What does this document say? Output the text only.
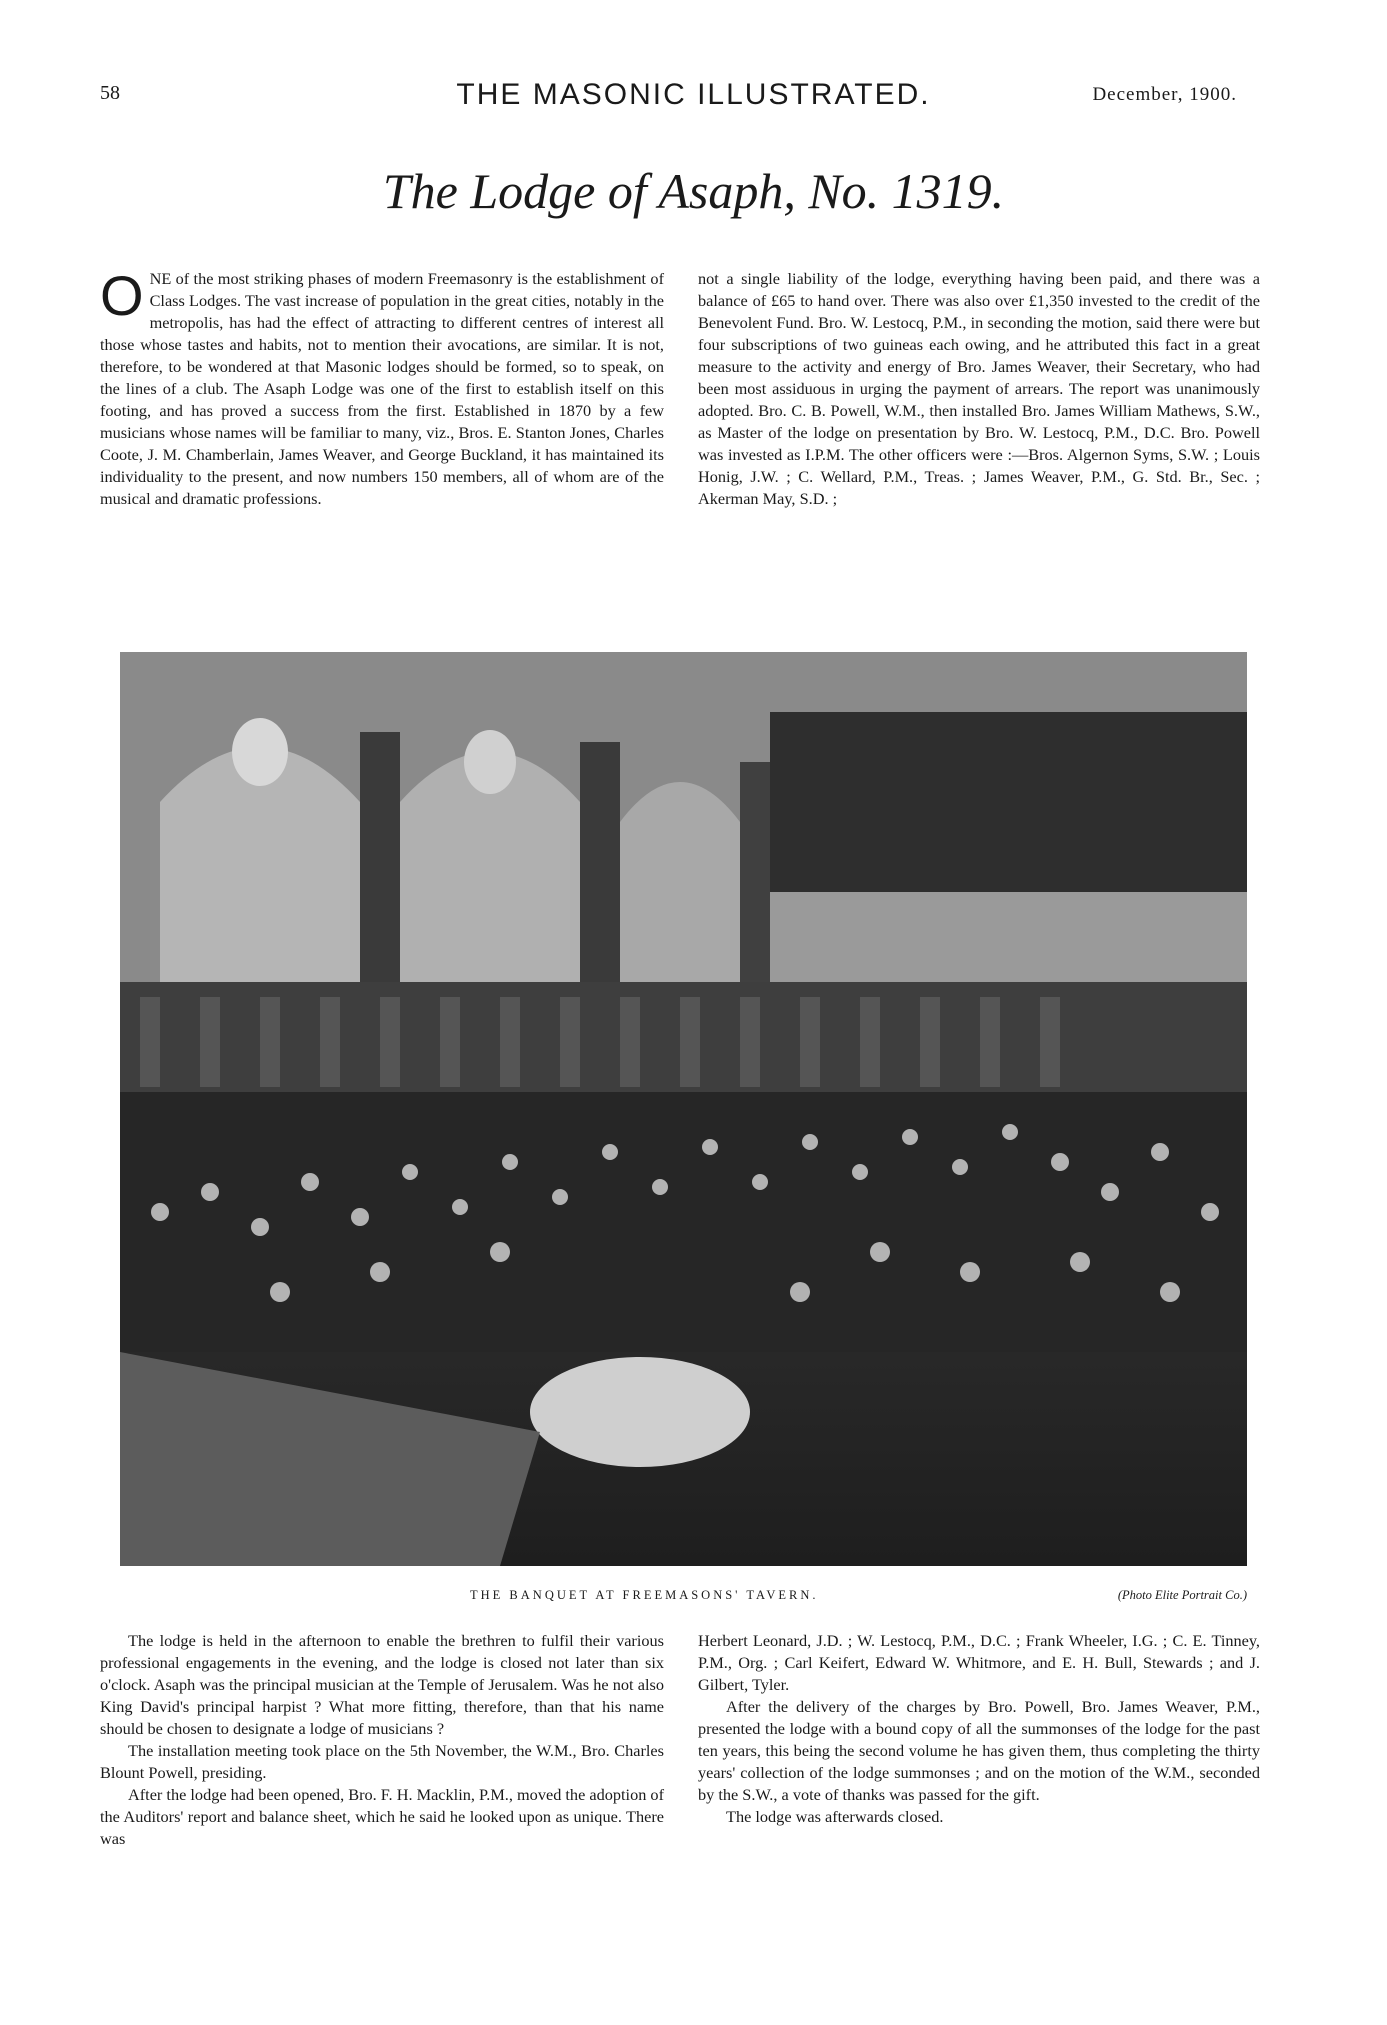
58	THE MASONIC ILLUSTRATED.	December, 1900.
The Lodge of Asaph, No. 1319.

ONE of the most striking phases of modern Freemasonry is the establishment of Class Lodges. The vast increase of population in the great cities, notably in the metropolis, has had the effect of attracting to different centres of interest all those whose tastes and habits, not to mention their avocations, are similar. It is not, therefore, to be wondered at that Masonic lodges should be formed, so to speak, on the lines of a club. The Asaph Lodge was one of the first to establish itself on this footing, and has proved a success from the first. Established in 1870 by a few musicians whose names will be familiar to many, viz., Bros. E. Stanton Jones, Charles Coote, J. M. Chamberlain, James Weaver, and George Buckland, it has maintained its individuality to the present, and now numbers 150 members, all of whom are of the musical and dramatic professions.

not a single liability of the lodge, everything having been paid, and there was a balance of £65 to hand over. There was also over £1,350 invested to the credit of the Benevolent Fund. Bro. W. Lestocq, P.M., in seconding the motion, said there were but four subscriptions of two guineas each owing, and he attributed this fact in a great measure to the activity and energy of Bro. James Weaver, their Secretary, who had been most assiduous in urging the payment of arrears. The report was unanimously adopted. Bro. C. B. Powell, W.M., then installed Bro. James William Mathews, S.W., as Master of the lodge on presentation by Bro. W. Lestocq, P.M., D.C. Bro. Powell was invested as I.P.M. The other officers were :—Bros. Algernon Syms, S.W. ; Louis Honig, J.W. ; C. Wellard, P.M., Treas. ; James Weaver, P.M., G. Std. Br., Sec. ; Akerman May, S.D. ;

THE BANQUET AT FREEMASONS' TAVERN.	(Photo Elite Portrait Co.)

The lodge is held in the afternoon to enable the brethren to fulfil their various professional engagements in the evening, and the lodge is closed not later than six o'clock. Asaph was the principal musician at the Temple of Jerusalem. Was he not also King David's principal harpist ? What more fitting, therefore, than that his name should be chosen to designate a lodge of musicians ?

The installation meeting took place on the 5th November, the W.M., Bro. Charles Blount Powell, presiding.

After the lodge had been opened, Bro. F. H. Macklin, P.M., moved the adoption of the Auditors' report and balance sheet, which he said he looked upon as unique. There was

Herbert Leonard, J.D. ; W. Lestocq, P.M., D.C. ; Frank Wheeler, I.G. ; C. E. Tinney, P.M., Org. ; Carl Keifert, Edward W. Whitmore, and E. H. Bull, Stewards ; and J. Gilbert, Tyler.

After the delivery of the charges by Bro. Powell, Bro. James Weaver, P.M., presented the lodge with a bound copy of all the summonses of the lodge for the past ten years, this being the second volume he has given them, thus completing the thirty years' collection of the lodge summonses ; and on the motion of the W.M., seconded by the S.W., a vote of thanks was passed for the gift.

The lodge was afterwards closed.
